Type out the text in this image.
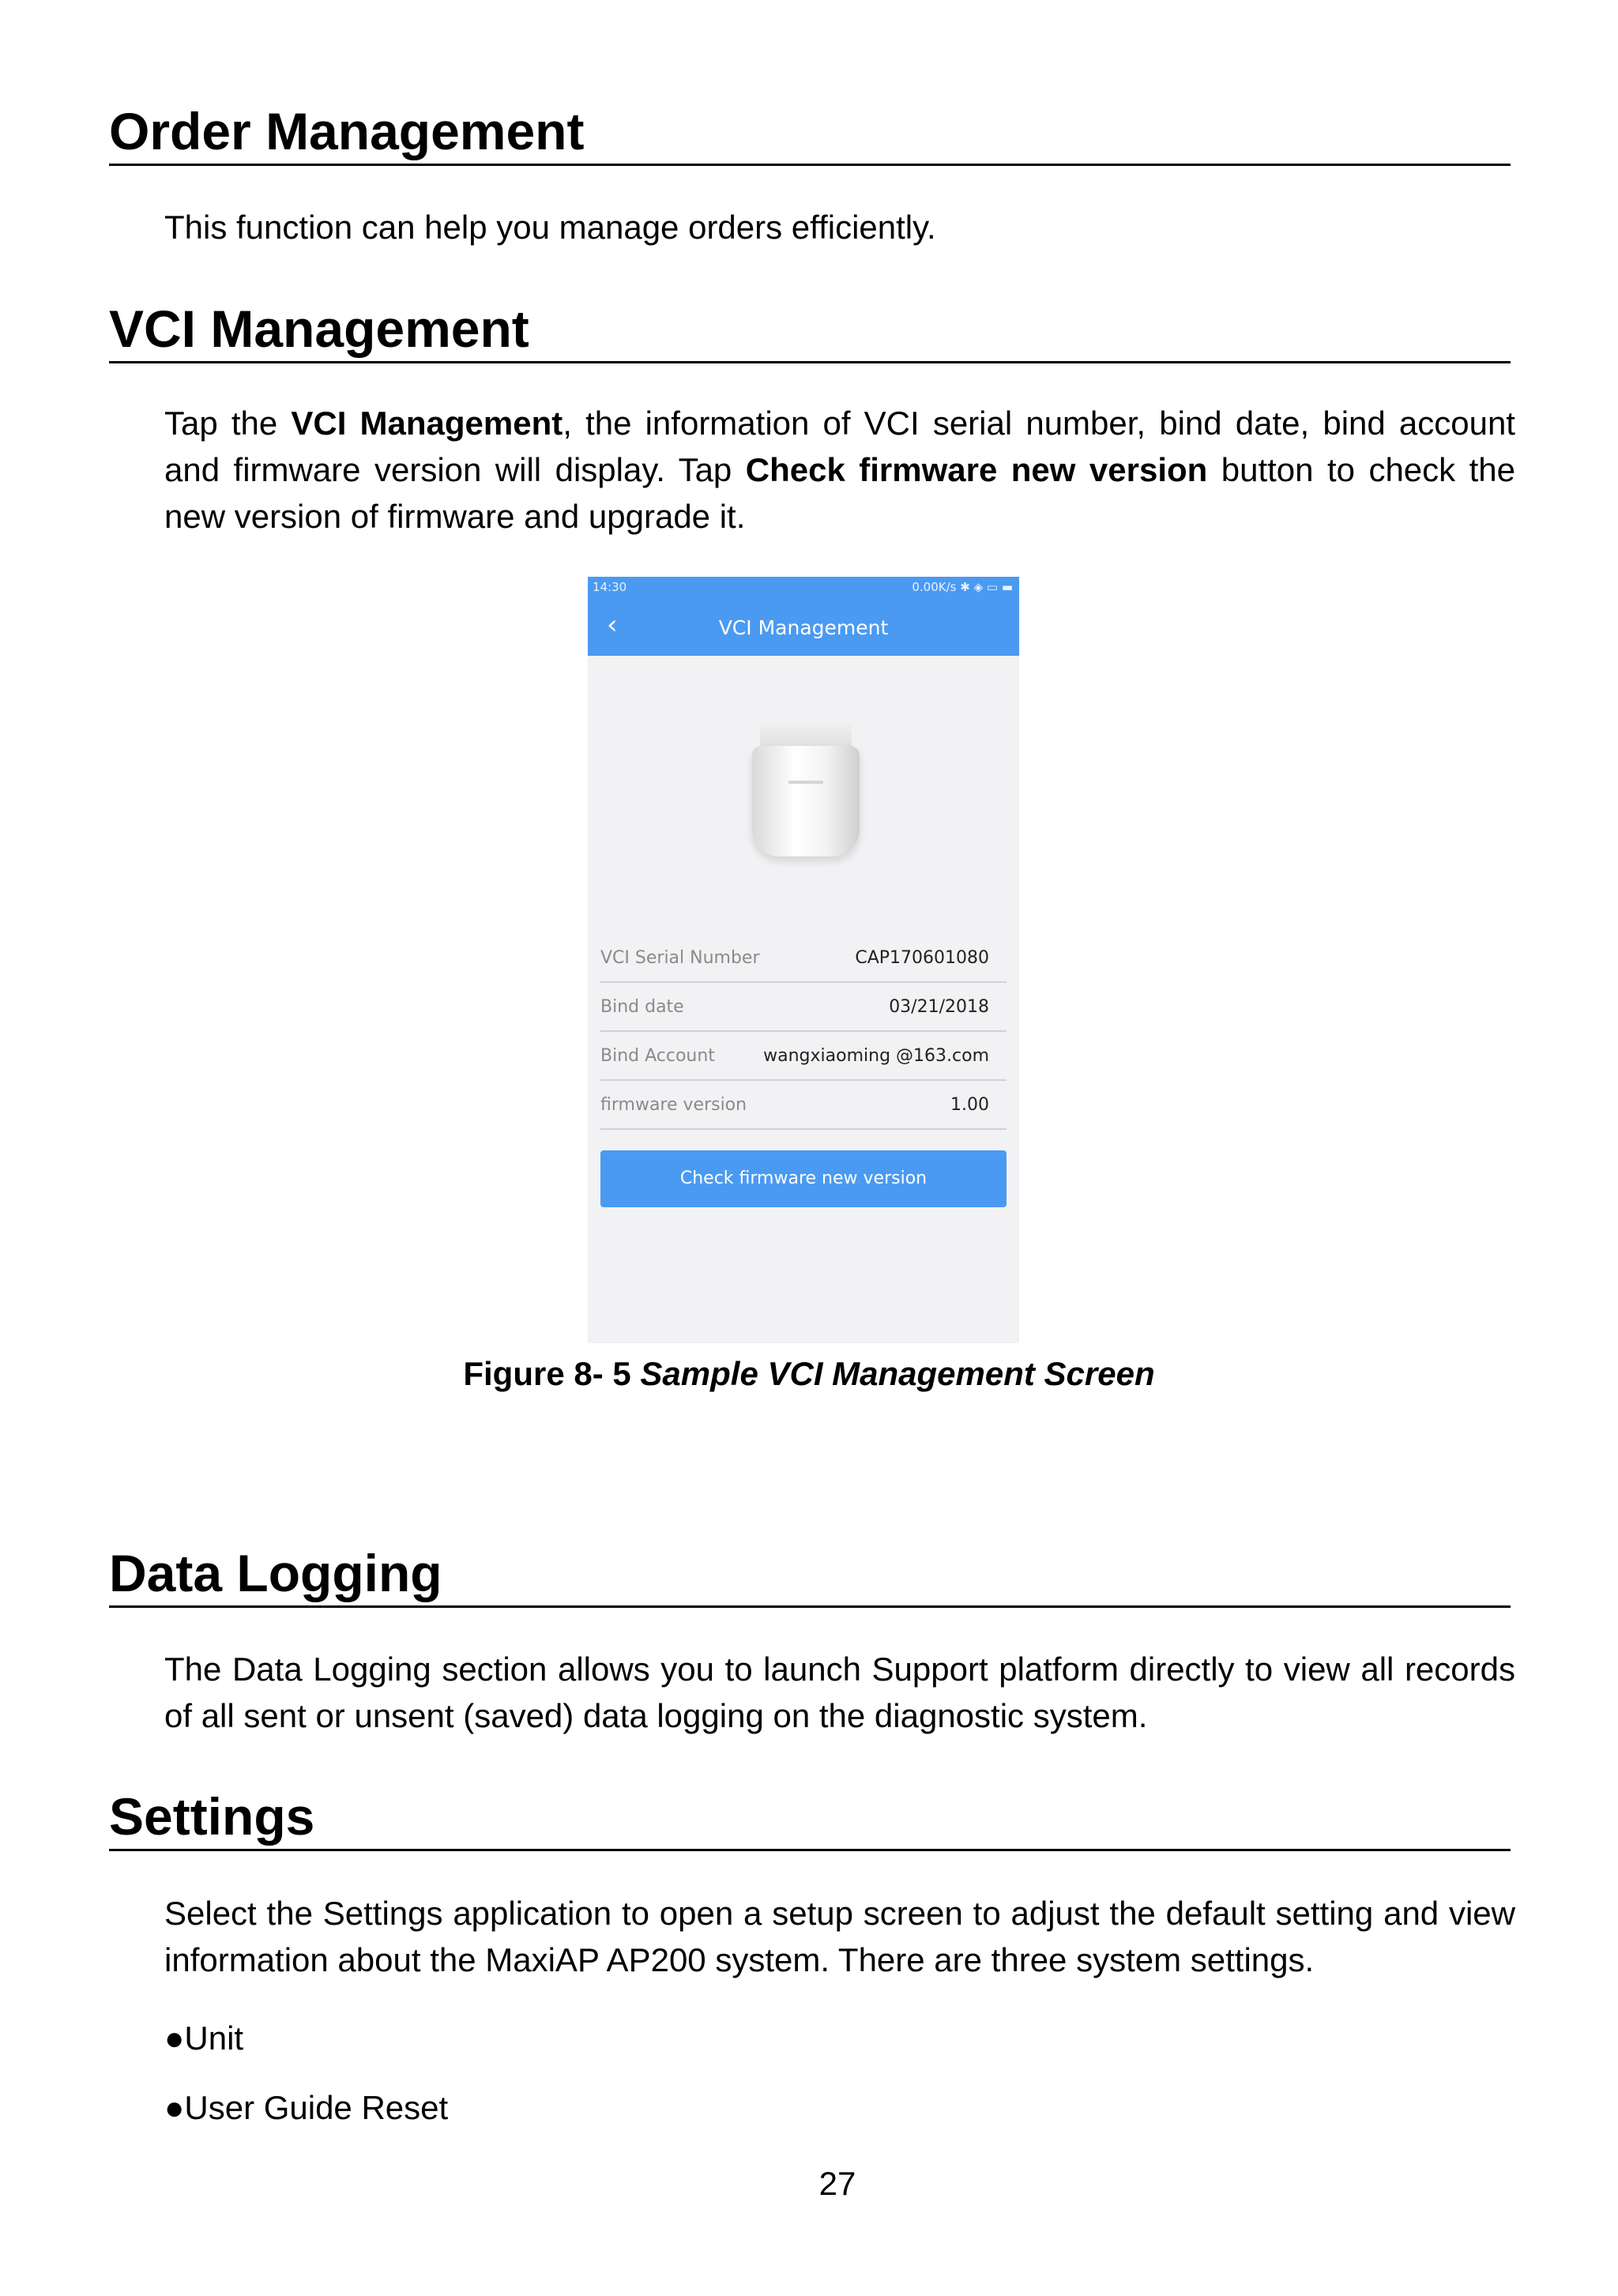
Order Management
This function can help you manage orders efficiently.
VCI Management
Tap the VCI Management, the information of VCI serial number, bind date, bind account and firmware version will display. Tap Check firmware new version button to check the new version of firmware and upgrade it.
14:30	0.00K/s ✱ ◈ ▭ ▬
‹	VCI Management
VCI Serial Number	CAP170601080
Bind date	03/21/2018
Bind Account	wangxiaoming @163.com
firmware version	1.00
Check firmware new version
Figure 8- 5 Sample VCI Management Screen
Data Logging
The Data Logging section allows you to launch Support platform directly to view all records of all sent or unsent (saved) data logging on the diagnostic system.
Settings
Select the Settings application to open a setup screen to adjust the default setting and view information about the MaxiAP AP200 system. There are three system settings.
●Unit
●User Guide Reset
27
